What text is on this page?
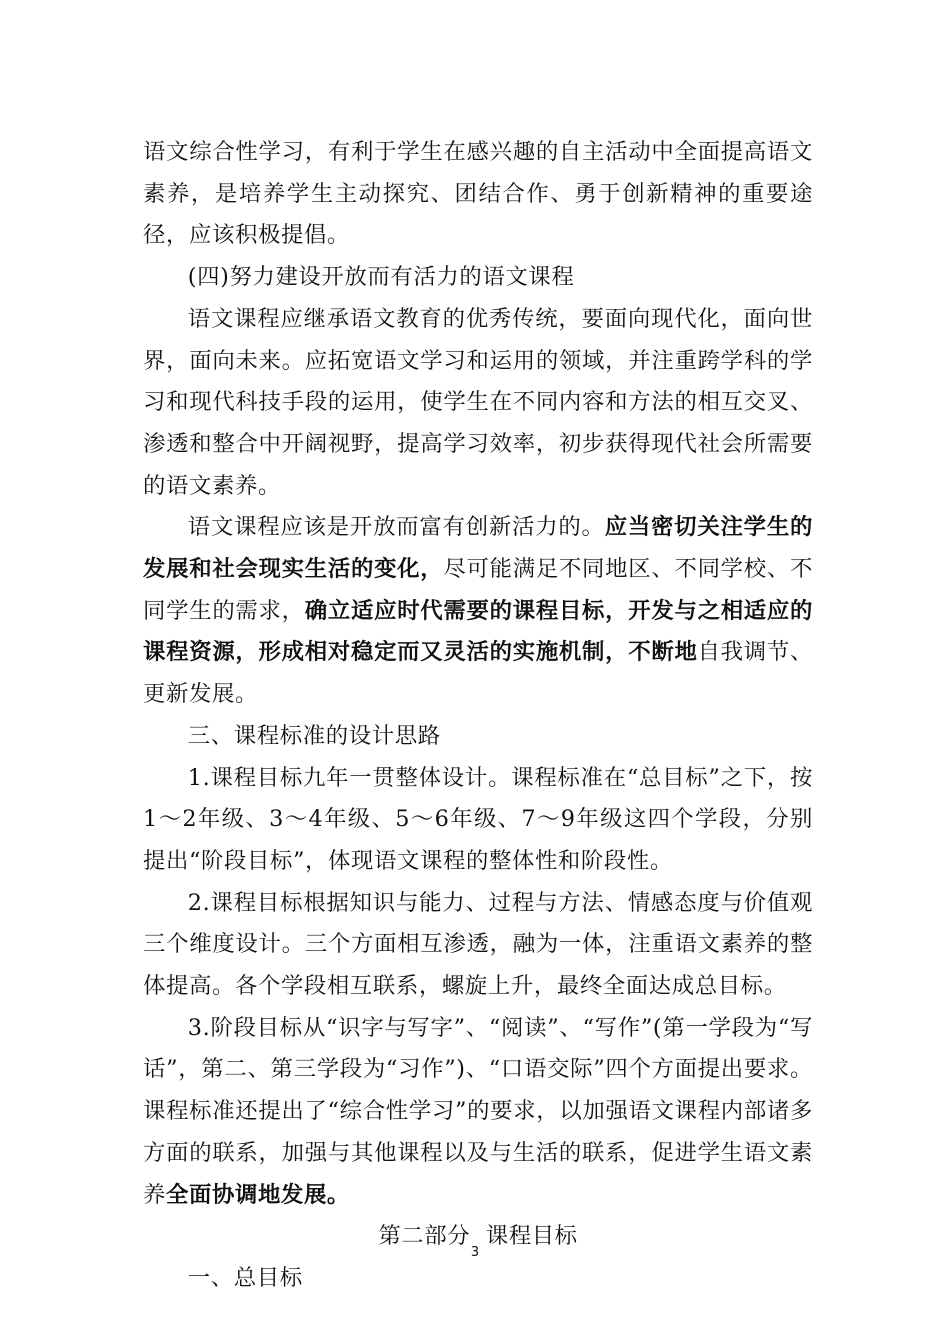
语文综合性学习，有利于学生在感兴趣的自主活动中全面提高语文素养，是培养学生主动探究、团结合作、勇于创新精神的重要途径，应该积极提倡。

(四)努力建设开放而有活力的语文课程

语文课程应继承语文教育的优秀传统，要面向现代化，面向世界，面向未来。应拓宽语文学习和运用的领域，并注重跨学科的学习和现代科技手段的运用，使学生在不同内容和方法的相互交叉、渗透和整合中开阔视野，提高学习效率，初步获得现代社会所需要的语文素养。

语文课程应该是开放而富有创新活力的。应当密切关注学生的发展和社会现实生活的变化，尽可能满足不同地区、不同学校、不同学生的需求，确立适应时代需要的课程目标，开发与之相适应的课程资源，形成相对稳定而又灵活的实施机制，不断地自我调节、更新发展。

三、课程标准的设计思路

1.课程目标九年一贯整体设计。课程标准在“总目标”之下，按1～2年级、3～4年级、5～6年级、7～9年级这四个学段，分别提出“阶段目标”，体现语文课程的整体性和阶段性。

2.课程目标根据知识与能力、过程与方法、情感态度与价值观三个维度设计。三个方面相互渗透，融为一体，注重语文素养的整体提高。各个学段相互联系，螺旋上升，最终全面达成总目标。

3.阶段目标从“识字与写字”、“阅读”、“写作”(第一学段为“写话”，第二、第三学段为“习作”)、“口语交际”四个方面提出要求。课程标准还提出了“综合性学习”的要求，以加强语文课程内部诸多方面的联系，加强与其他课程以及与生活的联系，促进学生语文素养全面协调地发展。

第二部分  课程目标

一、总目标

3
